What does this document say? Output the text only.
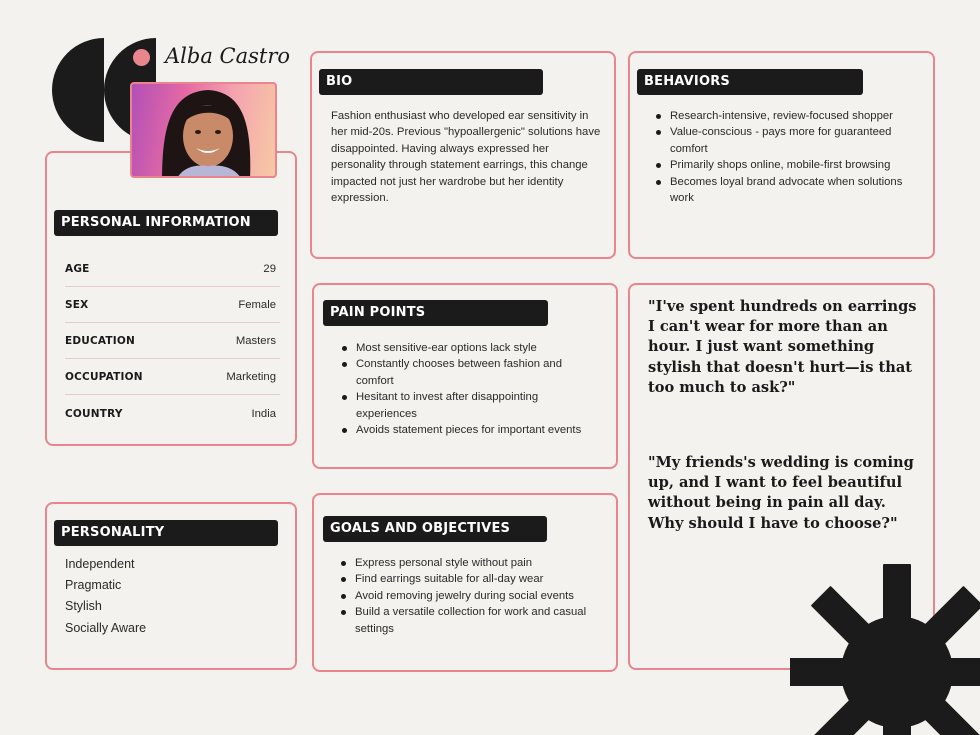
Alba Castro
PERSONAL INFORMATION
AGE	29
SEX	Female
EDUCATION	Masters
OCCUPATION	Marketing
COUNTRY	India
BIO
Fashion enthusiast who developed ear sensitivity in her mid-20s. Previous "hypoallergenic" solutions have disappointed. Having always expressed her personality through statement earrings, this change impacted not just her wardrobe but her identity expression.
BEHAVIORS
Research-intensive, review-focused shopper
Value-conscious - pays more for guaranteed comfort
Primarily shops online, mobile-first browsing
Becomes loyal brand advocate when solutions work
PAIN POINTS
Most sensitive-ear options lack style
Constantly chooses between fashion and comfort
Hesitant to invest after disappointing experiences
Avoids statement pieces for important events
"I've spent hundreds on earrings I can't wear for more than an hour. I just want something stylish that doesn't hurt—is that too much to ask?"
"My friends's wedding is coming up, and I want to feel beautiful without being in pain all day. Why should I have to choose?"
PERSONALITY
Independent
Pragmatic
Stylish
Socially Aware
GOALS AND OBJECTIVES
Express personal style without pain
Find earrings suitable for all-day wear
Avoid removing jewelry during social events
Build a versatile collection for work and casual settings
